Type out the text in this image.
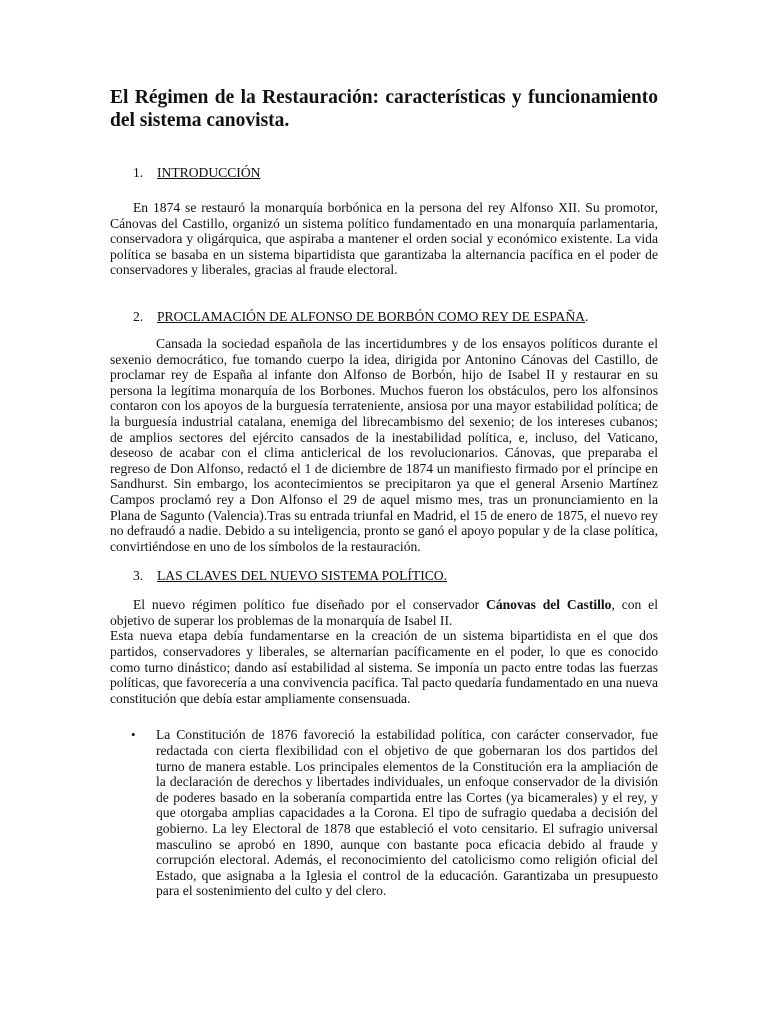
El Régimen de la Restauración: características y funcionamiento del sistema canovista.
1.	INTRODUCCIÓN

En 1874 se restauró la monarquía borbónica en la persona del rey Alfonso XII. Su promotor, Cánovas del Castillo, organizó un sistema político fundamentado en una monarquía parlamentaria, conservadora y oligárquica, que aspiraba a mantener el orden social y económico existente. La vida política se basaba en un sistema bipartidista que garantizaba la alternancia pacífica en el poder de conservadores y liberales, gracias al fraude electoral.

2.	PROCLAMACIÓN DE ALFONSO DE BORBÓN COMO REY DE ESPAÑA.

Cansada la sociedad española de las incertidumbres y de los ensayos políticos durante el sexenio democrático, fue tomando cuerpo la idea, dirigida por Antonino Cánovas del Castillo, de proclamar rey de España al infante don Alfonso de Borbón, hijo de Isabel II y restaurar en su persona la legítima monarquía de los Borbones. Muchos fueron los obstáculos, pero los alfonsinos contaron con los apoyos de la burguesía terrateniente, ansiosa por una mayor estabilidad política; de la burguesía industrial catalana, enemiga del librecambismo del sexenio; de los intereses cubanos; de amplios sectores del ejército cansados de la inestabilidad política, e, incluso, del Vaticano, deseoso de acabar con el clima anticlerical de los revolucionarios. Cánovas, que preparaba el regreso de Don Alfonso, redactó el 1 de diciembre de 1874 un manifiesto firmado por el príncipe en Sandhurst. Sin embargo, los acontecimientos se precipitaron ya que el general Arsenio Martínez Campos proclamó rey a Don Alfonso el 29 de aquel mismo mes, tras un pronunciamiento en la Plana de Sagunto (Valencia).Tras su entrada triunfal en Madrid, el 15 de enero de 1875, el nuevo rey no defraudó a nadie. Debido a su inteligencia, pronto se ganó el apoyo popular y de la clase política, convirtiéndose en uno de los símbolos de la restauración.

3.	LAS CLAVES DEL NUEVO SISTEMA POLÍTICO.

El nuevo régimen político fue diseñado por el conservador Cánovas del Castillo, con el objetivo de superar los problemas de la monarquía de Isabel II.

Esta nueva etapa debía fundamentarse en la creación de un sistema bipartidista en el que dos partidos, conservadores y liberales, se alternarían pacíficamente en el poder, lo que es conocido como turno dinástico; dando así estabilidad al sistema. Se imponía un pacto entre todas las fuerzas políticas, que favorecería a una convivencia pacífica. Tal pacto quedaría fundamentado en una nueva constitución que debía estar ampliamente consensuada.

•	La Constitución de 1876 favoreció la estabilidad política, con carácter conservador, fue redactada con cierta flexibilidad con el objetivo de que gobernaran los dos partidos del turno de manera estable. Los principales elementos de la Constitución era la ampliación de la declaración de derechos y libertades individuales, un enfoque conservador de la división de poderes basado en la soberanía compartida entre las Cortes (ya bicamerales) y el rey, y que otorgaba amplias capacidades a la Corona. El tipo de sufragio quedaba a decisión del gobierno. La ley Electoral de 1878 que estableció el voto censitario. El sufragio universal masculino se aprobó en 1890, aunque con bastante poca eficacia debido al fraude y corrupción electoral. Además, el reconocimiento del catolicismo como religión oficial del Estado, que asignaba a la Iglesia el control de la educación. Garantizaba un presupuesto para el sostenimiento del culto y del clero.
